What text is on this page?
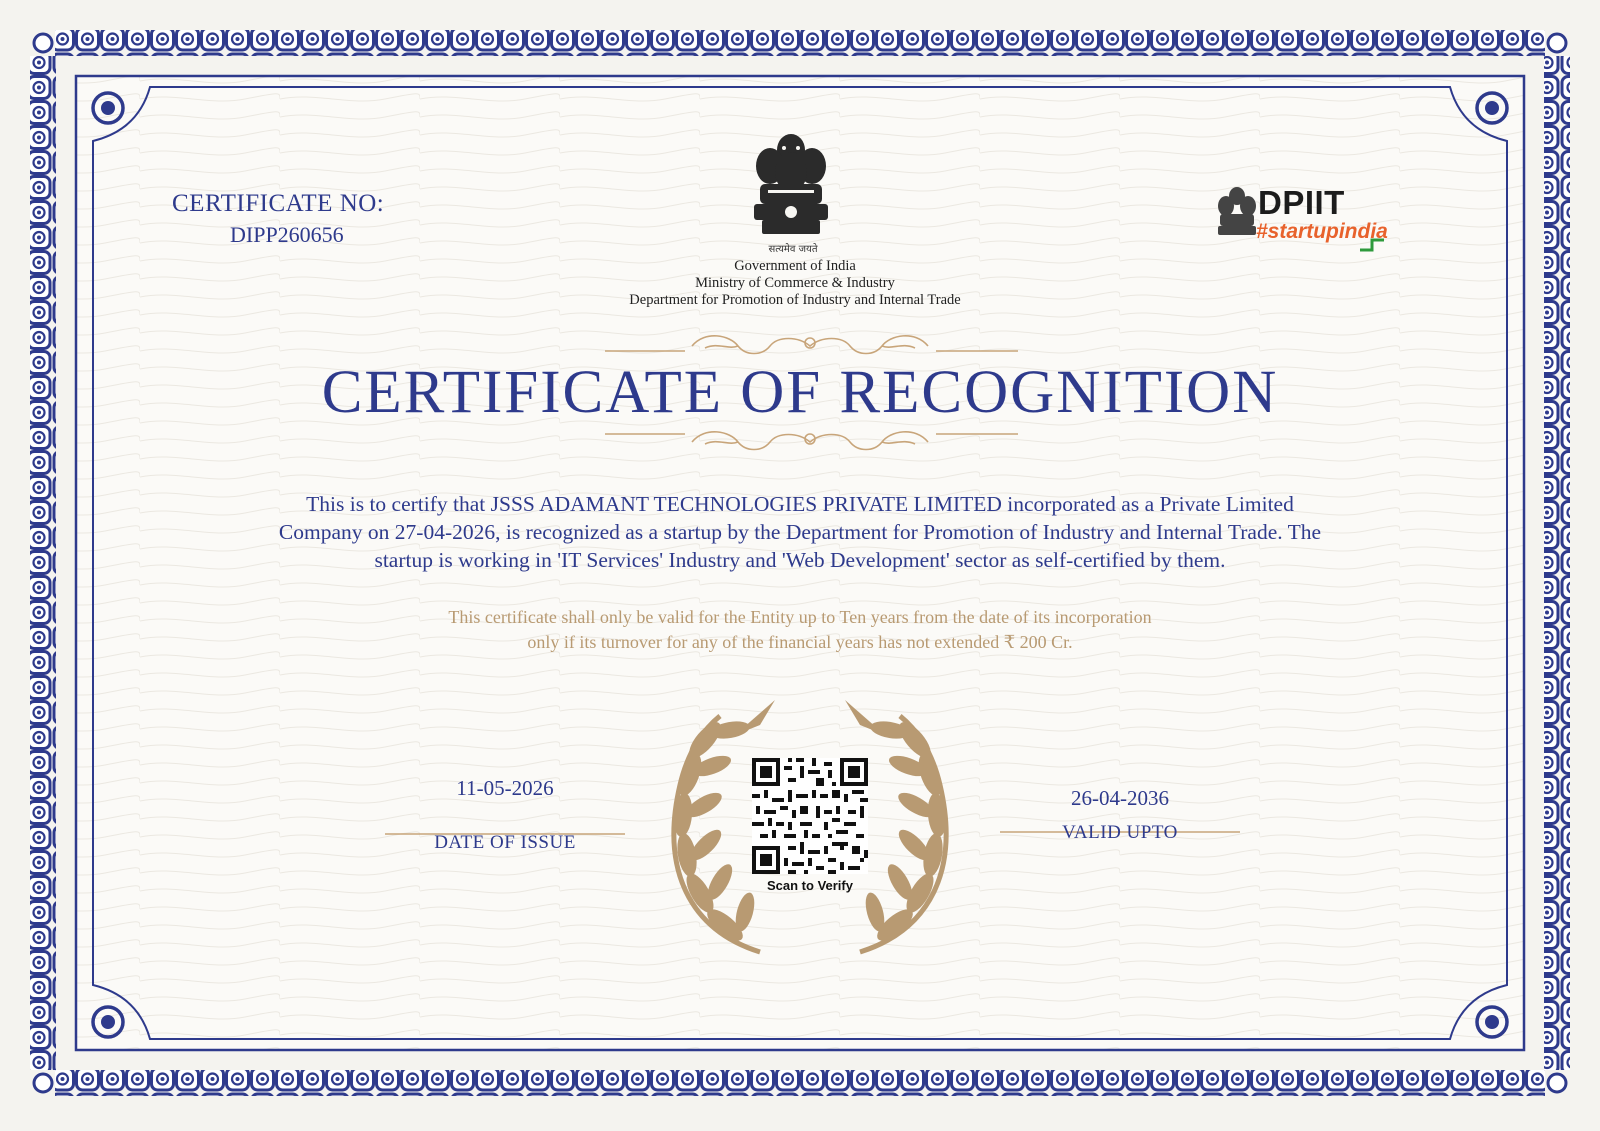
CERTIFICATE NO:
DIPP260656
सत्यमेव जयते
Government of India
Ministry of Commerce & Industry
Department for Promotion of Industry and Internal Trade
DPIIT
#startupindia
CERTIFICATE OF RECOGNITION
This is to certify that JSSS ADAMANT TECHNOLOGIES PRIVATE LIMITED incorporated as a Private Limited
Company on 27-04-2026, is recognized as a startup by the Department for Promotion of Industry and Internal Trade. The
startup is working in 'IT Services' Industry and 'Web Development' sector as self-certified by them.
This certificate shall only be valid for the Entity up to Ten years from the date of its incorporation
only if its turnover for any of the financial years has not extended ₹ 200 Cr.
11-05-2026
DATE OF ISSUE
26-04-2036
VALID UPTO
Scan to Verify
